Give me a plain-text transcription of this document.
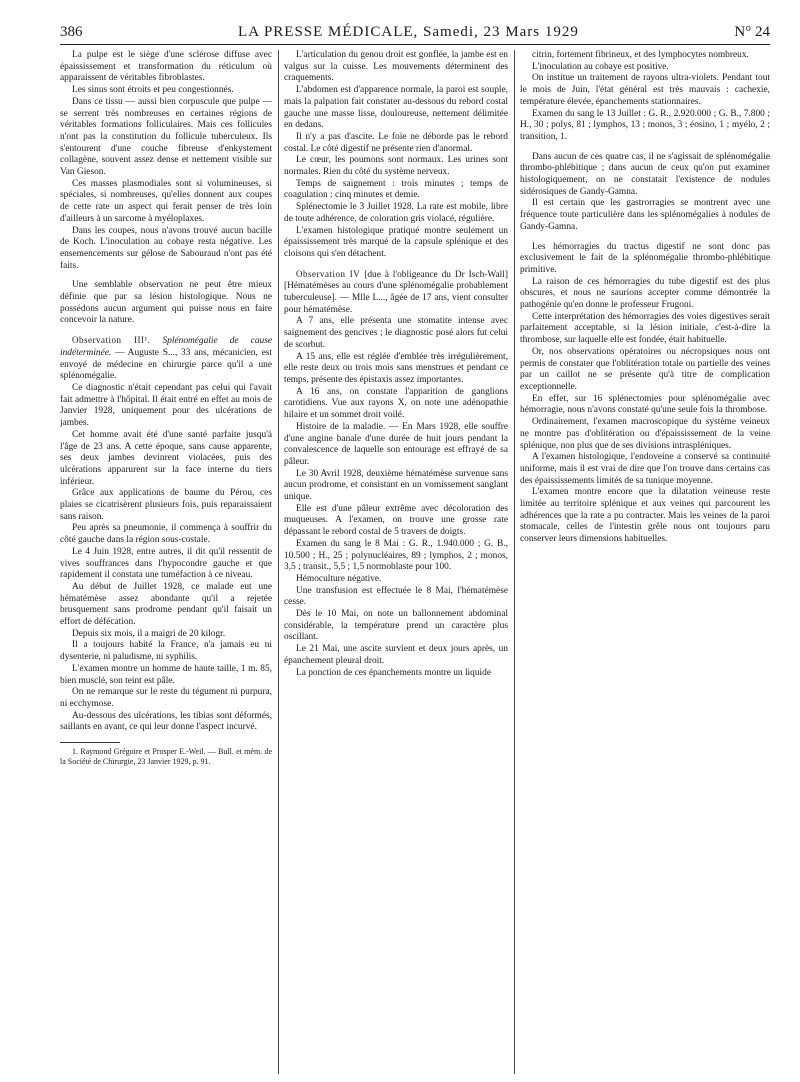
386	LA PRESSE MÉDICALE, Samedi, 23 Mars 1929	N° 24

La pulpe est le siège d'une sclérose diffuse avec épaississement et transformation du réticulum où apparaissent de véritables fibroblastes.

Les sinus sont étroits et peu congestionnés.

Dans ce tissu — aussi bien corpuscule que pulpe — se serrent très nombreuses en certaines régions de véritables formations folliculaires. Mais ces follicules n'ont pas la constitution du follicule tuberculeux. Ils s'entourent d'une couche fibreuse d'enkystement collagène, souvent assez dense et nettement visible sur Van Gieson.

Ces masses plasmodiales sont si volumineuses, si spéciales, si nombreuses, qu'elles donnent aux coupes de cette rate un aspect qui ferait penser de très loin d'ailleurs à un sarcome à myéloplaxes.

Dans les coupes, nous n'avons trouvé aucun bacille de Koch. L'inoculation au cobaye resta négative. Les ensemencements sur gélose de Sabouraud n'ont pas été faits.

Une semblable observation ne peut être mieux définie que par sa lésion histologique. Nous ne possédons aucun argument qui puisse nous en faire concevoir la nature.

Observation III¹. Splénomégalie de cause indéterminée. — Auguste S..., 33 ans, mécanicien, est envoyé de médecine en chirurgie parce qu'il a une splénomégalie.

Ce diagnostic n'était cependant pas celui qui l'avait fait admettre à l'hôpital. Il était entré en effet au mois de Janvier 1928, uniquement pour des ulcérations de jambes.

Cet homme avait été d'une santé parfaite jusqu'à l'âge de 23 ans. A cette époque, sans cause apparente, ses deux jambes devinrent violacées, puis des ulcérations apparurent sur la face interne du tiers inférieur.

Grâce aux applications de baume du Pérou, ces plaies se cicatrisèrent plusieurs fois, puis reparaissaient sans raison.

Peu après sa pneumonie, il commença à souffrir du côté gauche dans la région sous-costale.

Le 4 Juin 1928, entre autres, il dit qu'il ressentit de vives souffrances dans l'hypocondre gauche et que rapidement il constata une tuméfaction à ce niveau.

Au début de Juillet 1928, ce malade eut une hématémèse assez abondante qu'il a rejetée brusquement sans prodrome pendant qu'il faisait un effort de défécation.

Depuis six mois, il a maigri de 20 kilogr.

Il a toujours habité la France, n'a jamais eu ni dysenterie, ni paludisme, ni syphilis.

L'examen montre un homme de haute taille, 1 m. 85, bien musclé, son teint est pâle.

On ne remarque sur le reste du tégument ni purpura, ni ecchymose.

Au-dessous des ulcérations, les tibias sont déformés, saillants en avant, ce qui leur donne l'aspect incurvé.

1. Raymond Grégoire et Prosper E.-Weil. — Bull. et mém. de la Société de Chirurgie, 23 Janvier 1929, p. 91.

L'articulation du genou droit est gonflée, la jambe est en valgus sur la cuisse. Les mouvements déterminent des craquements.

L'abdomen est d'apparence normale, la paroi est souple, mais la palpation fait constater au-dessous du rebord costal gauche une masse lisse, douloureuse, nettement délimitée en dedans.

Il n'y a pas d'ascite. Le foie ne déborde pas le rebord costal. Le côté digestif ne présente rien d'anormal.

Le cœur, les poumons sont normaux. Les urines sont normales. Rien du côté du système nerveux.

Temps de saignement : trois minutes ; temps de coagulation : cinq minutes et demie.

Splénectomie le 3 Juillet 1928. La rate est mobile, libre de toute adhérence, de coloration gris violacé, régulière.

L'examen histologique pratiqué montre seulement un épaississement très marqué de la capsule splénique et des cloisons qui s'en détachent.

Observation IV [due à l'obligeance du Dr Isch-Wall] [Hématémèses au cours d'une splénomégalie probablement tuberculeuse]. — Mlle L..., âgée de 17 ans, vient consulter pour hématémèse.

A 7 ans, elle présenta une stomatite intense avec saignement des gencives ; le diagnostic posé alors fut celui de scorbut.

A 15 ans, elle est réglée d'emblée très irrégulièrement, elle reste deux ou trois mois sans menstrues et pendant ce temps, présente des épistaxis assez importantes.

A 16 ans, on constate l'apparition de ganglions carotidiens. Vue aux rayons X, on note une adénopathie hilaire et un sommet droit voilé.

Histoire de la maladie. — En Mars 1928, elle souffre d'une angine banale d'une durée de huit jours pendant la convalescence de laquelle son entourage est effrayé de sa pâleur.

Le 30 Avril 1928, deuxième hématémèse survenue sans aucun prodrome, et consistant en un vomissement sanglant unique.

Elle est d'une pâleur extrême avec décoloration des muqueuses. A l'examen, on trouve une grosse rate dépassant le rebord costal de 5 travers de doigts.

Examen du sang le 8 Mai : G. R., 1.940.000 ; G. B., 10.500 ; H., 25 ; polynucléaires, 89 ; lymphos, 2 ; monos, 3,5 ; transit., 5,5 ; 1,5 normoblaste pour 100.

Hémoculture négative.

Une transfusion est effectuée le 8 Mai, l'hématémèse cesse.

Dès le 10 Mai, on note un ballonnement abdominal considérable, la température prend un caractère plus oscillant.

Le 21 Mai, une ascite survient et deux jours après, un épanchement pleural droit.

La ponction de ces épanchements montre un liquide

citrin, fortement fibrineux, et des lymphocytes nombreux.

L'inoculation au cobaye est positive.

On institue un traitement de rayons ultra-violets. Pendant tout le mois de Juin, l'état général est très mauvais : cachexie, température élevée, épanchements stationnaires.

Examen du sang le 13 Juillet : G. R., 2.920.000 ; G. B., 7.800 ; H., 30 ; polys, 81 ; lymphos, 13 ; monos, 3 ; éosino, 1 ; myélo, 2 ; transition, 1.

Dans aucun de ces quatre cas, il ne s'agissait de splénomégalie thrombo-phlébitique ; dans aucun de ceux qu'on put examiner histologiquement, on ne constatait l'existence de nodules sidérosiques de Gandy-Gamna.

Il est certain que les gastrorragies se montrent avec une fréquence toute particulière dans les splénomégalies à nodules de Gandy-Gamna.

Les hémorragies du tractus digestif ne sont donc pas exclusivement le fait de la splénomégalie thrombo-phlébitique primitive.

La raison de ces hémorragies du tube digestif est des plus obscures, et nous ne saurions accepter comme démontrée la pathogénie qu'en donne le professeur Frugoni.

Cette interprétation des hémorragies des voies digestives serait parfaitement acceptable, si la lésion initiale, c'est-à-dire la thrombose, sur laquelle elle est fondée, était habituelle.

Or, nos observations opératoires ou nécropsiques nous ont permis de constater que l'oblitération totale ou partielle des veines par un caillot ne se présente qu'à titre de complication exceptionnelle.

En effet, sur 16 splénectomies pour splénomégalie avec hémorragie, nous n'avons constaté qu'une seule fois la thrombose.

Ordinairement, l'examen macroscopique du système veineux ne montre pas d'oblitération ou d'épaississement de la veine splénique, non plus que de ses divisions intraspléniques.

A l'examen histologique, l'endoveine a conservé sa continuité uniforme, mais il est vrai de dire que l'on trouve dans certains cas des épaississements limités de sa tunique moyenne.

L'examen montre encore que la dilatation veineuse reste limitée au territoire splénique et aux veines qui parcourent les adhérences que la rate a pu contracter. Mais les veines de la paroi stomacale, celles de l'intestin grêle nous ont toujours paru conserver leurs dimensions habituelles.
